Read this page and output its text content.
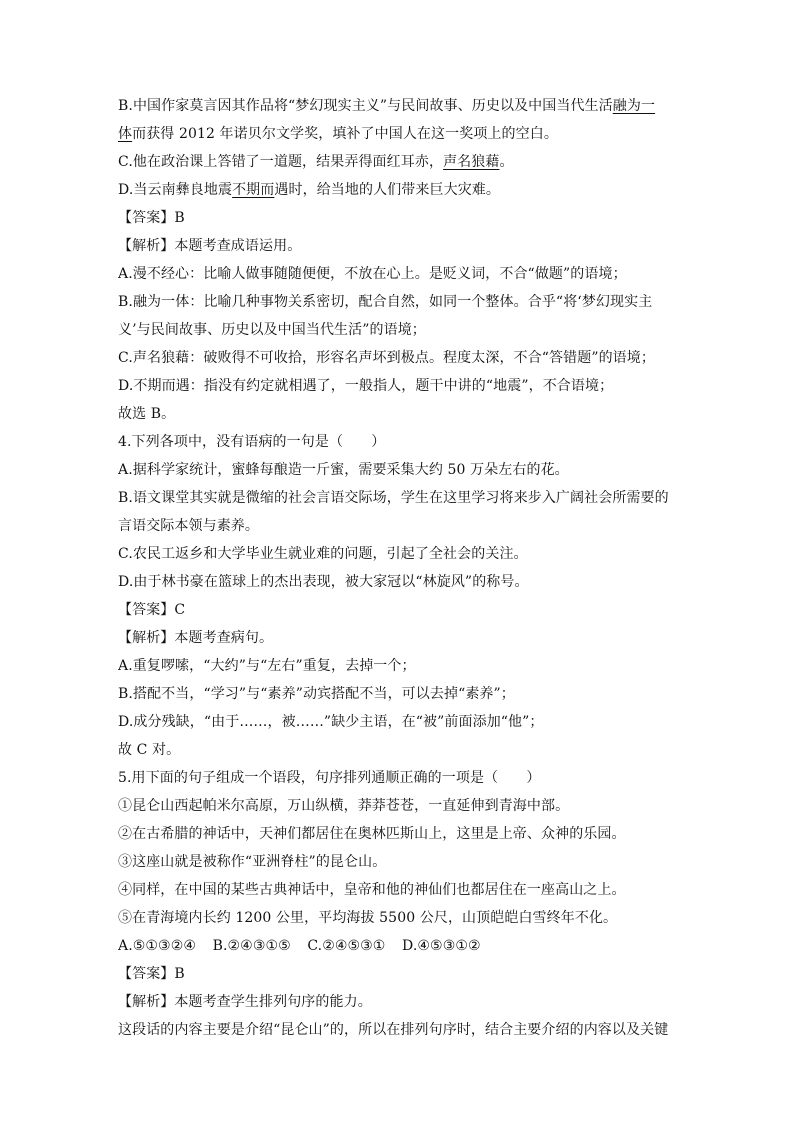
B.中国作家莫言因其作品将“梦幻现实主义”与民间故事、历史以及中国当代生活融为一
体而获得 2012 年诺贝尔文学奖，填补了中国人在这一奖项上的空白。
C.他在政治课上答错了一道题，结果弄得面红耳赤，声名狼藉。
D.当云南彝良地震不期而遇时，给当地的人们带来巨大灾难。
【答案】B
【解析】本题考查成语运用。
A.漫不经心：比喻人做事随随便便，不放在心上。是贬义词，不合“做题”的语境；
B.融为一体：比喻几种事物关系密切，配合自然，如同一个整体。合乎“将‘梦幻现实主
义’与民间故事、历史以及中国当代生活”的语境；
C.声名狼藉：破败得不可收拾，形容名声坏到极点。程度太深，不合“答错题”的语境；
D.不期而遇：指没有约定就相遇了，一般指人，题干中讲的“地震”，不合语境；
故选 B。
4.下列各项中，没有语病的一句是（　　）
A.据科学家统计，蜜蜂每酿造一斤蜜，需要采集大约 50 万朵左右的花。
B.语文课堂其实就是微缩的社会言语交际场，学生在这里学习将来步入广阔社会所需要的
言语交际本领与素养。
C.农民工返乡和大学毕业生就业难的问题，引起了全社会的关注。
D.由于林书豪在篮球上的杰出表现，被大家冠以“林旋风”的称号。
【答案】C
【解析】本题考查病句。
A.重复啰嗦，“大约”与“左右”重复，去掉一个；
B.搭配不当，“学习”与“素养”动宾搭配不当，可以去掉“素养”；
D.成分残缺，“由于……，被……”缺少主语，在“被”前面添加“他”；
故 C 对。
5.用下面的句子组成一个语段，句序排列通顺正确的一项是（　　）
①昆仑山西起帕米尔高原，万山纵横，莽莽苍苍，一直延伸到青海中部。
②在古希腊的神话中，天神们都居住在奥林匹斯山上，这里是上帝、众神的乐园。
③这座山就是被称作“亚洲脊柱”的昆仑山。
④同样，在中国的某些古典神话中，皇帝和他的神仙们也都居住在一座高山之上。
⑤在青海境内长约 1200 公里，平均海拔 5500 公尺，山顶皑皑白雪终年不化。
A.⑤①③②④ B.②④③①⑤ C.②④⑤③① D.④⑤③①②
【答案】B
【解析】本题考查学生排列句序的能力。
这段话的内容主要是介绍“昆仑山”的，所以在排列句序时，结合主要介绍的内容以及关键
